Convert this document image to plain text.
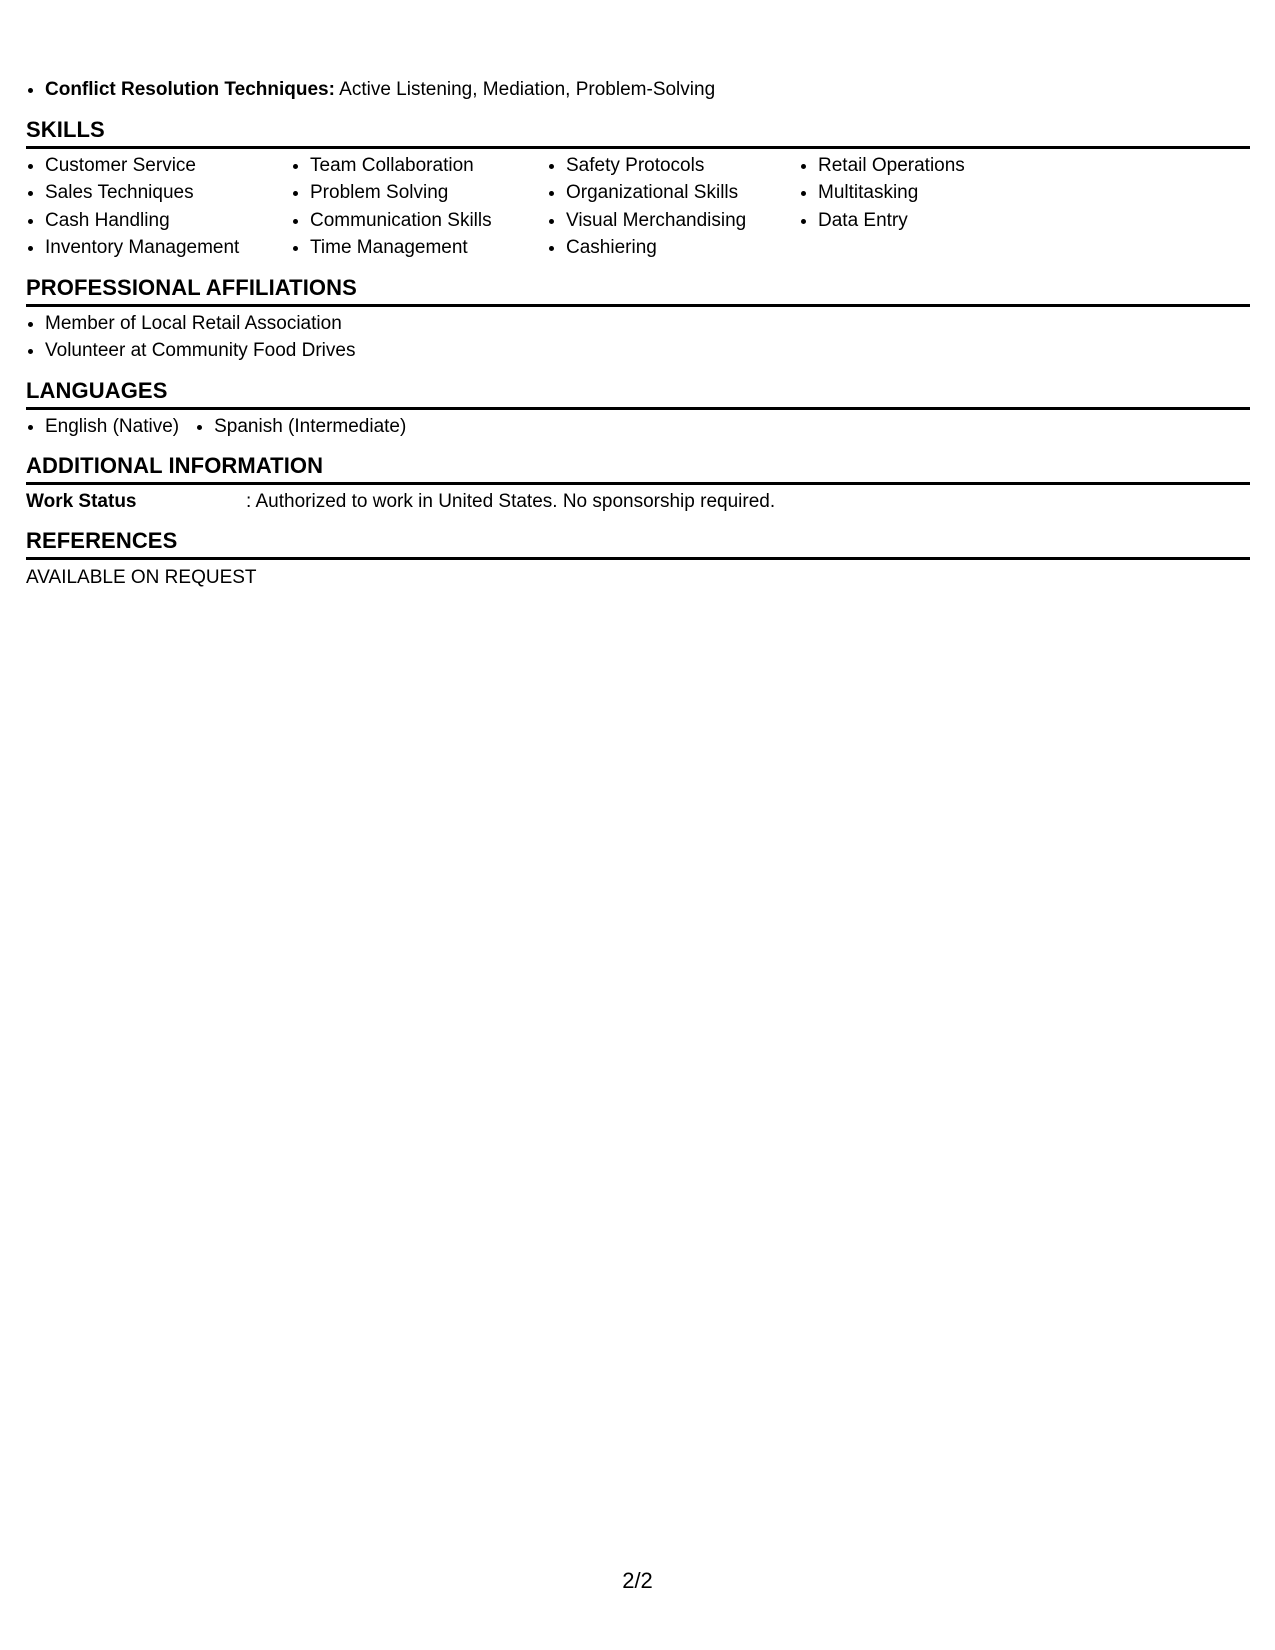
• Conflict Resolution Techniques: Active Listening, Mediation, Problem-Solving
SKILLS
• Customer Service
• Sales Techniques
• Cash Handling
• Inventory Management
• Team Collaboration
• Problem Solving
• Communication Skills
• Time Management
• Safety Protocols
• Organizational Skills
• Visual Merchandising
• Cashiering
• Retail Operations
• Multitasking
• Data Entry
PROFESSIONAL AFFILIATIONS
• Member of Local Retail Association
• Volunteer at Community Food Drives
LANGUAGES
• English (Native)
• Spanish (Intermediate)
ADDITIONAL INFORMATION
Work Status	: Authorized to work in United States. No sponsorship required.
REFERENCES
AVAILABLE ON REQUEST
2/2
